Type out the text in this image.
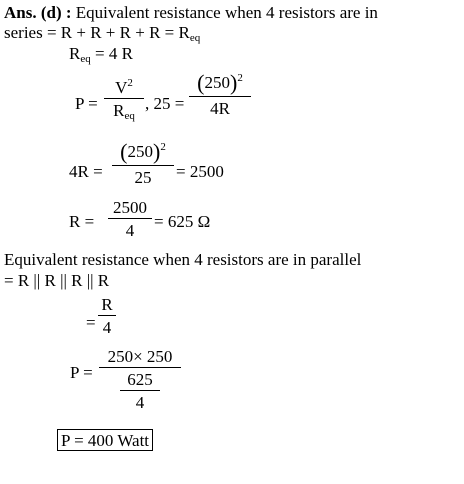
Ans. (d) : Equivalent resistance when 4 resistors are in
series = $R + R + R + R = R_{eq}$
$R_{eq} = 4$ R
P =
$V^2$
$R_{eq}$
, 25 =
$(250)^2$
4R
4R =
$(250)^2$
25	= 2500
R =
2500
4	= 625 Ω
Equivalent resistance when 4 resistors are in parallel
= R || R || R || R
=
R
4
P =
250× 250
$\frac{625}{4}$
P = 400 Watt
